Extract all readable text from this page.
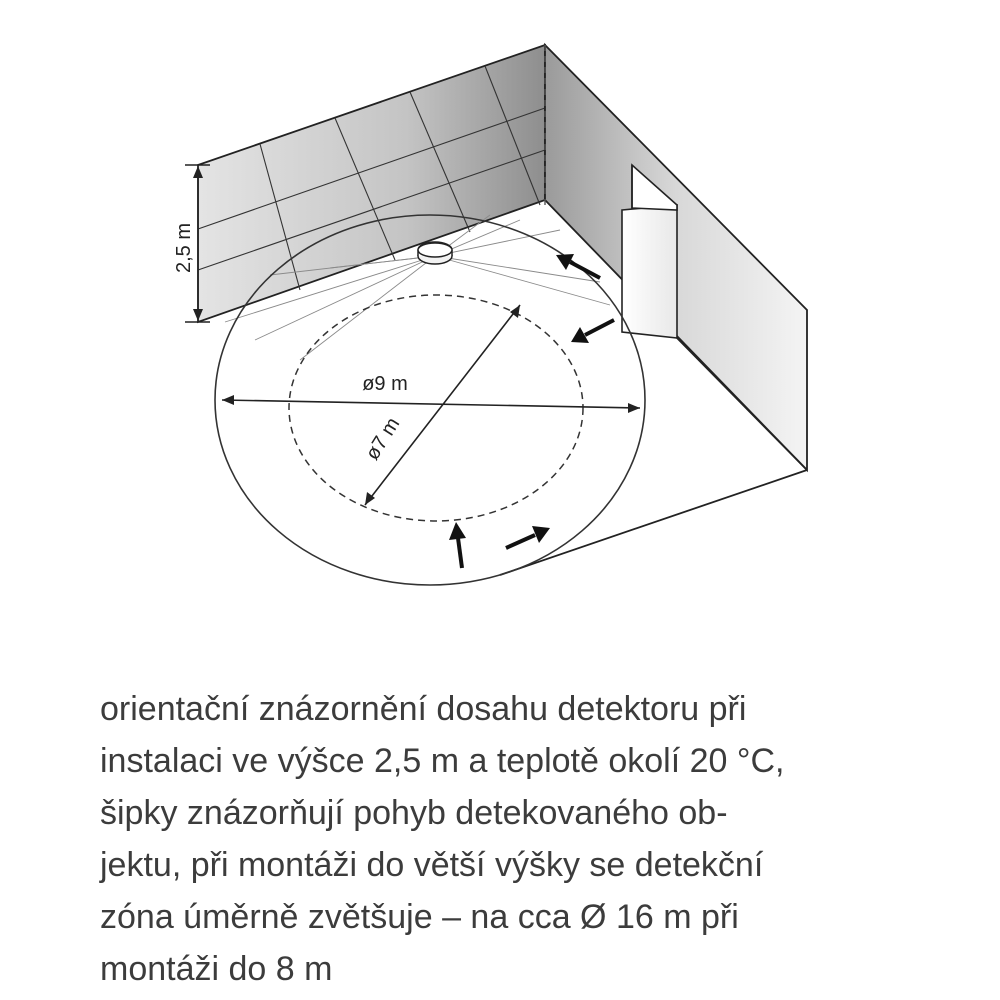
2,5 m
ø9 m
ø7 m
orientační znázornění dosahu detektoru při
instalaci ve výšce 2,5 m a teplotě okolí 20 °C,
šipky znázorňují pohyb detekovaného ob-
jektu, při montáži do větší výšky se detekční
zóna úměrně zvětšuje – na cca Ø 16 m při
montáži do 8 m
